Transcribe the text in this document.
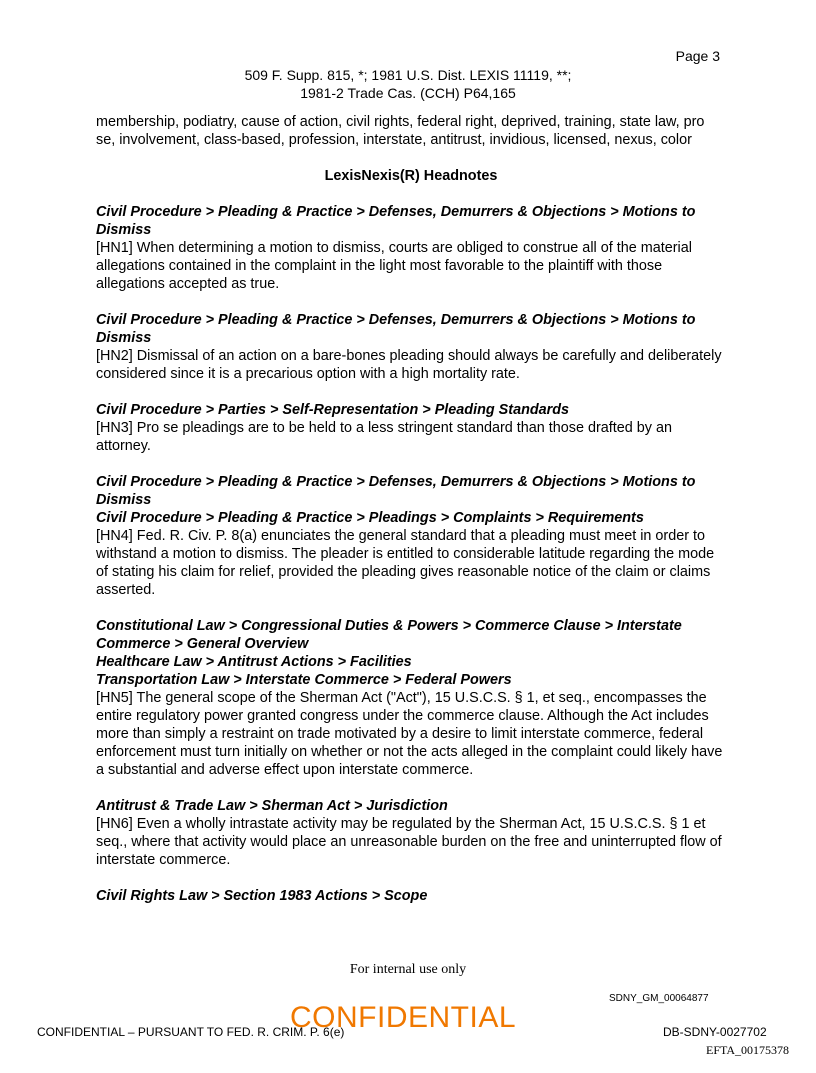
Page 3
509 F. Supp. 815, *; 1981 U.S. Dist. LEXIS 11119, **;
1981-2 Trade Cas. (CCH) P64,165

membership, podiatry, cause of action, civil rights, federal right, deprived, training, state law, pro se, involvement, class-based, profession, interstate, antitrust, invidious, licensed, nexus, color

LexisNexis(R) Headnotes

Civil Procedure > Pleading & Practice > Defenses, Demurrers & Objections > Motions to Dismiss

[HN1] When determining a motion to dismiss, courts are obliged to construe all of the material allegations contained in the complaint in the light most favorable to the plaintiff with those allegations accepted as true.

Civil Procedure > Pleading & Practice > Defenses, Demurrers & Objections > Motions to Dismiss

[HN2] Dismissal of an action on a bare-bones pleading should always be carefully and deliberately considered since it is a precarious option with a high mortality rate.

Civil Procedure > Parties > Self-Representation > Pleading Standards

[HN3] Pro se pleadings are to be held to a less stringent standard than those drafted by an attorney.

Civil Procedure > Pleading & Practice > Defenses, Demurrers & Objections > Motions to Dismiss

Civil Procedure > Pleading & Practice > Pleadings > Complaints > Requirements

[HN4] Fed. R. Civ. P. 8(a) enunciates the general standard that a pleading must meet in order to withstand a motion to dismiss. The pleader is entitled to considerable latitude regarding the mode of stating his claim for relief, provided the pleading gives reasonable notice of the claim or claims asserted.

Constitutional Law > Congressional Duties & Powers > Commerce Clause > Interstate Commerce > General Overview

Healthcare Law > Antitrust Actions > Facilities

Transportation Law > Interstate Commerce > Federal Powers

[HN5] The general scope of the Sherman Act ("Act"), 15 U.S.C.S. § 1, et seq., encompasses the entire regulatory power granted congress under the commerce clause. Although the Act includes more than simply a restraint on trade motivated by a desire to limit interstate commerce, federal enforcement must turn initially on whether or not the acts alleged in the complaint could likely have a substantial and adverse effect upon interstate commerce.

Antitrust & Trade Law > Sherman Act > Jurisdiction

[HN6] Even a wholly intrastate activity may be regulated by the Sherman Act, 15 U.S.C.S. § 1 et seq., where that activity would place an unreasonable burden on the free and uninterrupted flow of interstate commerce.

Civil Rights Law > Section 1983 Actions > Scope

For internal use only
SDNY_GM_00064877
CONFIDENTIAL – PURSUANT TO FED. R. CRIM. P. 6(e)
CONFIDENTIAL	DB-SDNY-0027702
EFTA_00175378
